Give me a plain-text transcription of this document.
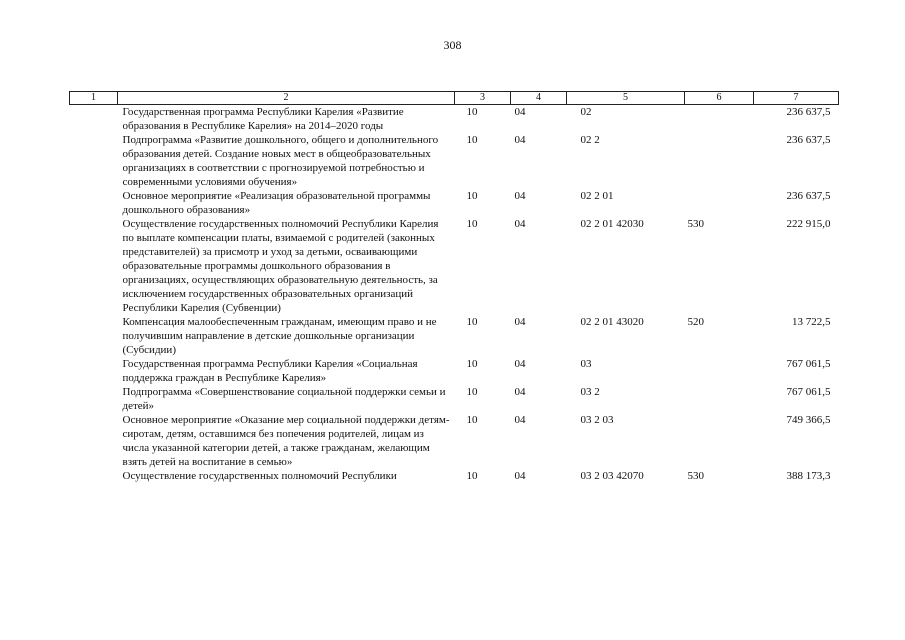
308
1	2	3	4	5	6	7
	Государственная программа Республики Карелия «Развитие образования в Республике Карелия» на 2014–2020 годы	10	04	02		236 637,5
	Подпрограмма «Развитие дошкольного, общего и дополнительного образования детей. Создание новых мест в общеобразовательных организациях в соответствии с прогнозируемой потребностью и современными условиями обучения»	10	04	02 2		236 637,5
	Основное мероприятие «Реализация образовательной программы дошкольного образования»	10	04	02 2 01		236 637,5
	Осуществление государственных полномочий Республики Карелия по выплате компенсации платы, взимаемой с родителей (законных представителей) за присмотр и уход за детьми, осваивающими образовательные программы дошкольного образования в организациях, осуществляющих образовательную деятельность, за исключением государственных образовательных организаций Республики Карелия (Субвенции)	10	04	02 2 01 42030	530	222 915,0
	Компенсация малообеспеченным гражданам, имеющим право и не получившим направление в детские дошкольные организации (Субсидии)	10	04	02 2 01 43020	520	13 722,5
	Государственная программа Республики Карелия «Социальная поддержка граждан в Республике Карелия»	10	04	03		767 061,5
	Подпрограмма «Совершенствование социальной поддержки семьи и детей»	10	04	03 2		767 061,5
	Основное мероприятие «Оказание мер социальной поддержки детям-сиротам, детям, оставшимся без попечения родителей, лицам из числа указанной категории детей, а также гражданам, желающим взять детей на воспитание в семью»	10	04	03 2 03		749 366,5
	Осуществление государственных полномочий Республики	10	04	03 2 03 42070	530	388 173,3
